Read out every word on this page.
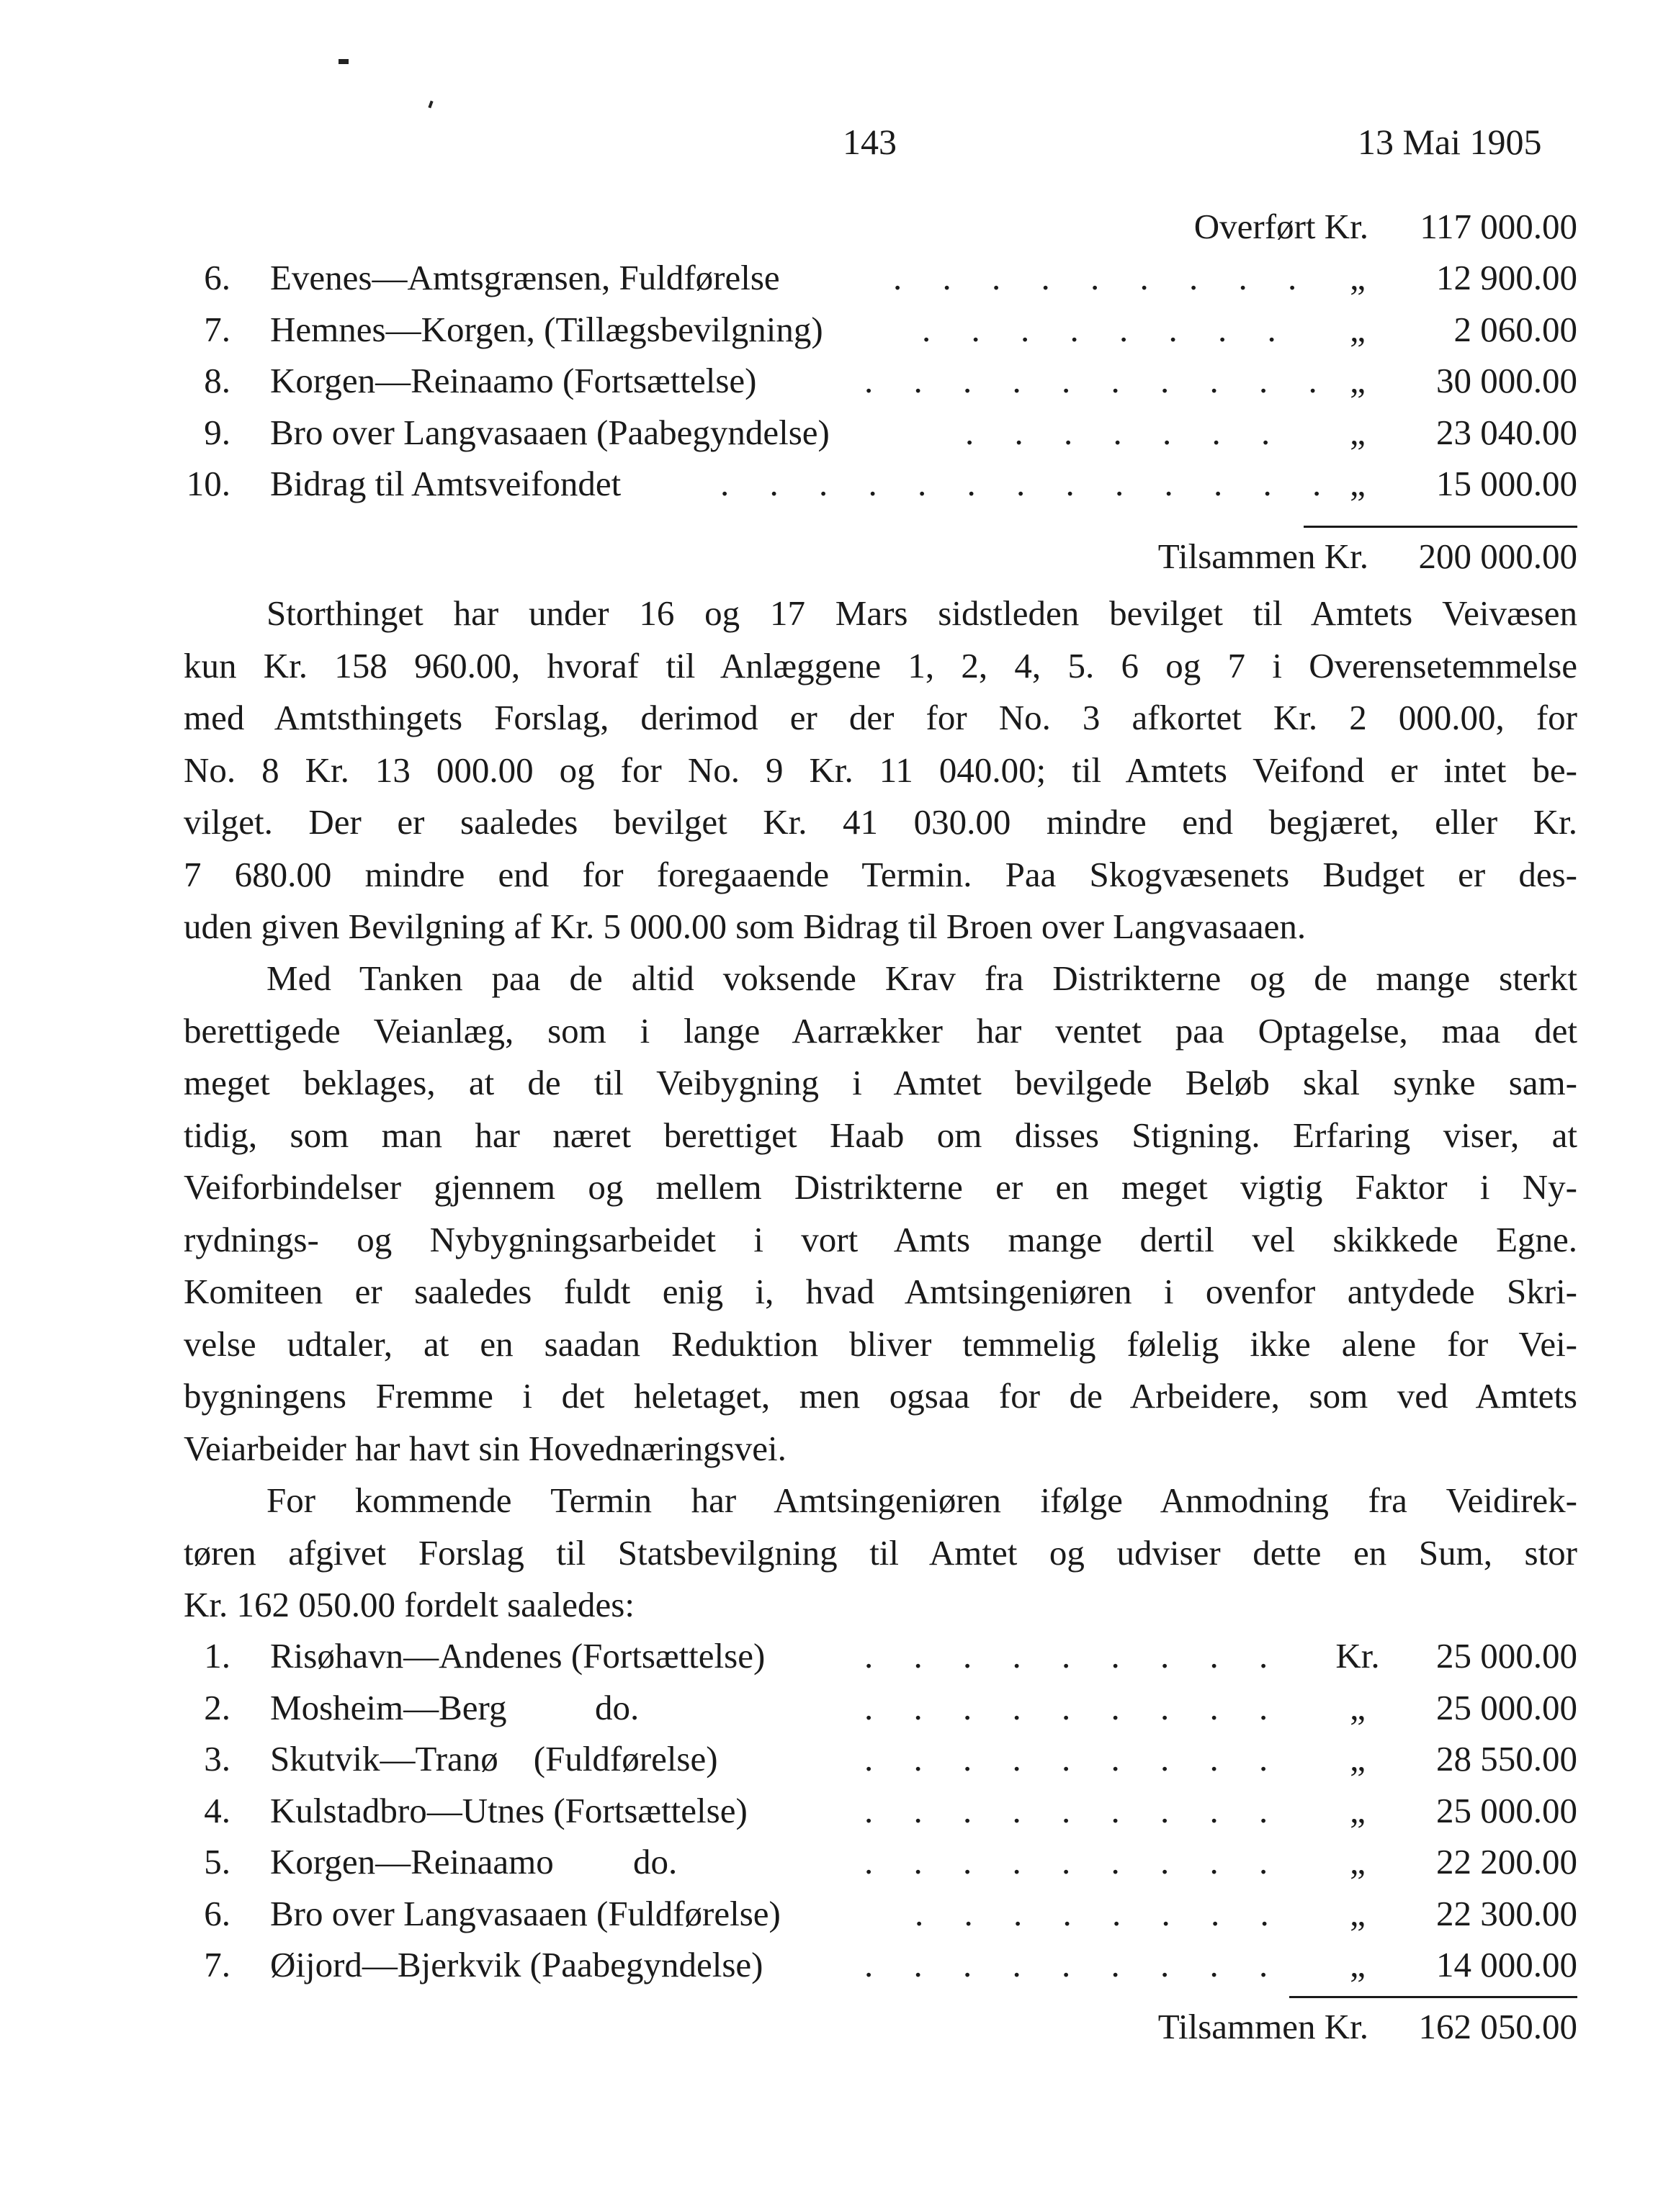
143	13 Mai 1905
Overført Kr. 117 000.00
6. Evenes—Amtsgrænsen, Fuldførelse	. . . . . . . . .	„	12 900.00
7. Hemnes—Korgen, (Tillægsbevilgning)	. . . . . . . .	„	2 060.00
8. Korgen—Reinaamo (Fortsættelse)	. . . . . . . . . . „	30 000.00
9. Bro over Langvasaaen (Paabegyndelse)	. . . . . . .	„	23 040.00
10. Bidrag til Amtsveifondet	. . . . . . . . . . . . . „	15 000.00
Tilsammen Kr. 200 000.00
Storthinget har under 16 og 17 Mars sidstleden bevilget til Amtets Veivæsen
kun Kr. 158 960.00, hvoraf til Anlæggene 1, 2, 4, 5. 6 og 7 i Overensetemmelse
med Amtsthingets Forslag, derimod er der for No. 3 afkortet Kr. 2 000.00, for
No. 8 Kr. 13 000.00 og for No. 9 Kr. 11 040.00; til Amtets Veifond er intet be-
vilget. Der er saaledes bevilget Kr. 41 030.00 mindre end begjæret, eller Kr.
7 680.00 mindre end for foregaaende Termin. Paa Skogvæsenets Budget er des-
uden given Bevilgning af Kr. 5 000.00 som Bidrag til Broen over Langvasaaen.
Med Tanken paa de altid voksende Krav fra Distrikterne og de mange sterkt
berettigede Veianlæg, som i lange Aarrækker har ventet paa Optagelse, maa det
meget beklages, at de til Veibygning i Amtet bevilgede Beløb skal synke sam-
tidig, som man har næret berettiget Haab om disses Stigning. Erfaring viser, at
Veiforbindelser gjennem og mellem Distrikterne er en meget vigtig Faktor i Ny-
rydnings- og Nybygningsarbeidet i vort Amts mange dertil vel skikkede Egne.
Komiteen er saaledes fuldt enig i, hvad Amtsingeniøren i ovenfor antydede Skri-
velse udtaler, at en saadan Reduktion bliver temmelig følelig ikke alene for Vei-
bygningens Fremme i det heletaget, men ogsaa for de Arbeidere, som ved Amtets
Veiarbeider har havt sin Hovednæringsvei.
For kommende Termin har Amtsingeniøren ifølge Anmodning fra Veidirek-
tøren afgivet Forslag til Statsbevilgning til Amtet og udviser dette en Sum, stor
Kr. 162 050.00 fordelt saaledes:
1. Risøhavn—Andenes (Fortsættelse)	. . . . . . . . .	Kr.	25 000.00
2. Mosheim—Berg          do.	. . . . . . . . .	„	25 000.00
3. Skutvik—Tranø    (Fuldførelse)	. . . . . . . . .	„	28 550.00
4. Kulstadbro—Utnes (Fortsættelse)	. . . . . . . . .	„	25 000.00
5. Korgen—Reinaamo         do.	. . . . . . . . .	„	22 200.00
6. Bro over Langvasaaen (Fuldførelse)	. . . . . . . .	„	22 300.00
7. Øijord—Bjerkvik (Paabegyndelse)	. . . . . . . . .	„	14 000.00
Tilsammen Kr. 162 050.00
